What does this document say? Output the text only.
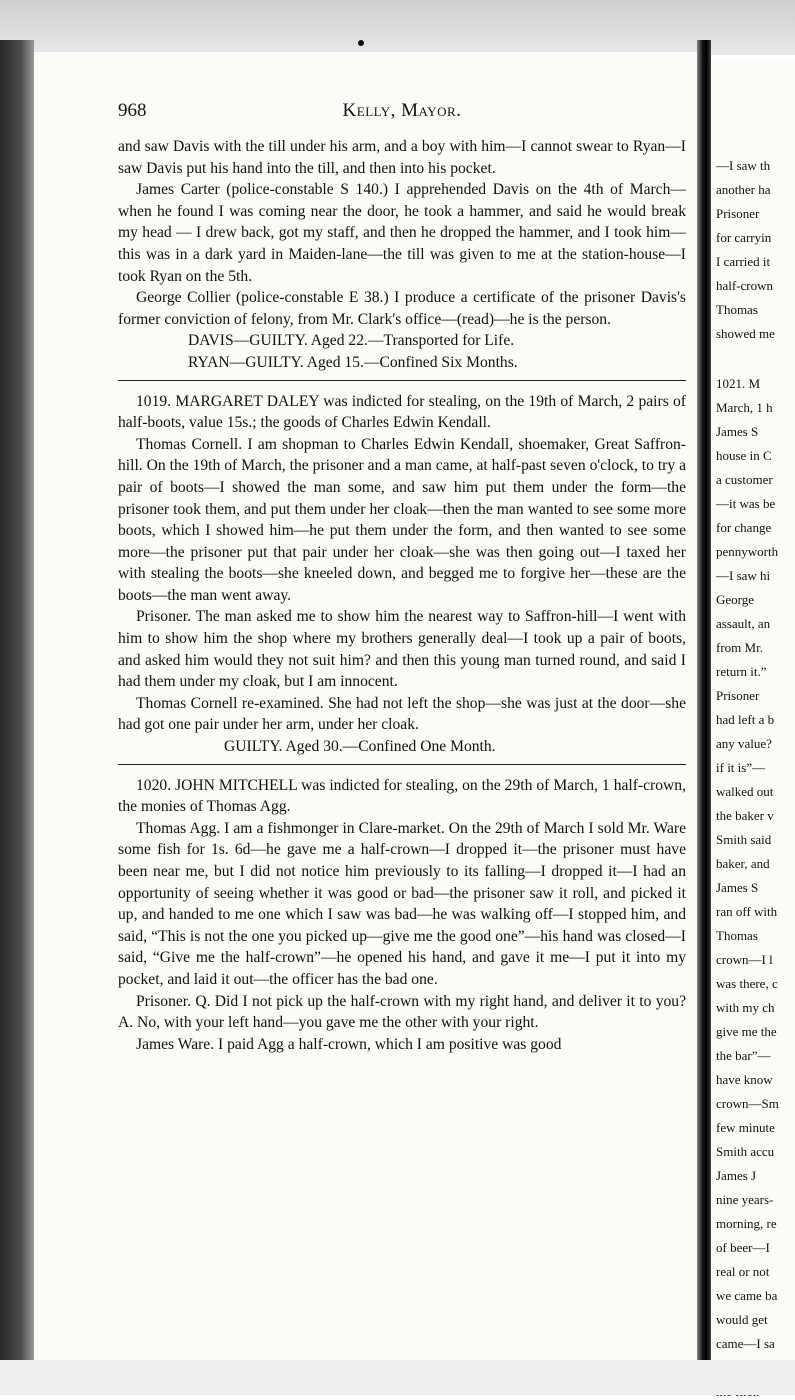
—I saw th
another ha
Prisoner
for carryin
I carried it
half-crown
Thomas
showed me
1021. M
March, 1 h
James S
house in C
a customer
—it was be
for change
pennyworth
—I saw hi
George
assault, an
from Mr.
return it.”
Prisoner
had left a b
any value?
if it is”—
walked out
the baker v
Smith said
baker, and
James S
ran off with
Thomas
crown—I l
was there, c
with my ch
give me the
the bar”—
have know
crown—Sm
few minute
Smith accu
James J
nine years-
morning, re
of beer—I
real or not
we came ba
would get
came—I sa
968	Kelly, Mayor.

and saw Davis with the till under his arm, and a boy with him—I cannot swear to Ryan—I saw Davis put his hand into the till, and then into his pocket.

James Carter (police-constable S 140.) I apprehended Davis on the 4th of March—when he found I was coming near the door, he took a hammer, and said he would break my head — I drew back, got my staff, and then he dropped the hammer, and I took him—this was in a dark yard in Maiden-lane—the till was given to me at the station-house—I took Ryan on the 5th.

George Collier (police-constable E 38.) I produce a certificate of the prisoner Davis's former conviction of felony, from Mr. Clark's office—(read)—he is the person.

DAVIS—GUILTY. Aged 22.—Transported for Life.
RYAN—GUILTY. Aged 15.—Confined Six Months.

1019. MARGARET DALEY was indicted for stealing, on the 19th of March, 2 pairs of half-boots, value 15s.; the goods of Charles Edwin Kendall.

Thomas Cornell. I am shopman to Charles Edwin Kendall, shoemaker, Great Saffron-hill. On the 19th of March, the prisoner and a man came, at half-past seven o'clock, to try a pair of boots—I showed the man some, and saw him put them under the form—the prisoner took them, and put them under her cloak—then the man wanted to see some more boots, which I showed him—he put them under the form, and then wanted to see some more—the prisoner put that pair under her cloak—she was then going out—I taxed her with stealing the boots—she kneeled down, and begged me to forgive her—these are the boots—the man went away.

Prisoner. The man asked me to show him the nearest way to Saffron-hill—I went with him to show him the shop where my brothers generally deal—I took up a pair of boots, and asked him would they not suit him? and then this young man turned round, and said I had them under my cloak, but I am innocent.

Thomas Cornell re-examined. She had not left the shop—she was just at the door—she had got one pair under her arm, under her cloak.

GUILTY. Aged 30.—Confined One Month.

1020. JOHN MITCHELL was indicted for stealing, on the 29th of March, 1 half-crown, the monies of Thomas Agg.

Thomas Agg. I am a fishmonger in Clare-market. On the 29th of March I sold Mr. Ware some fish for 1s. 6d—he gave me a half-crown—I dropped it—the prisoner must have been near me, but I did not notice him previously to its falling—I dropped it—I had an opportunity of seeing whether it was good or bad—the prisoner saw it roll, and picked it up, and handed to me one which I saw was bad—he was walking off—I stopped him, and said, “This is not the one you picked up—give me the good one”—his hand was closed—I said, “Give me the half-crown”—he opened his hand, and gave it me—I put it into my pocket, and laid it out—the officer has the bad one.

Prisoner. Q. Did I not pick up the half-crown with my right hand, and deliver it to you? A. No, with your left hand—you gave me the other with your right.

James Ware. I paid Agg a half-crown, which I am positive was good
